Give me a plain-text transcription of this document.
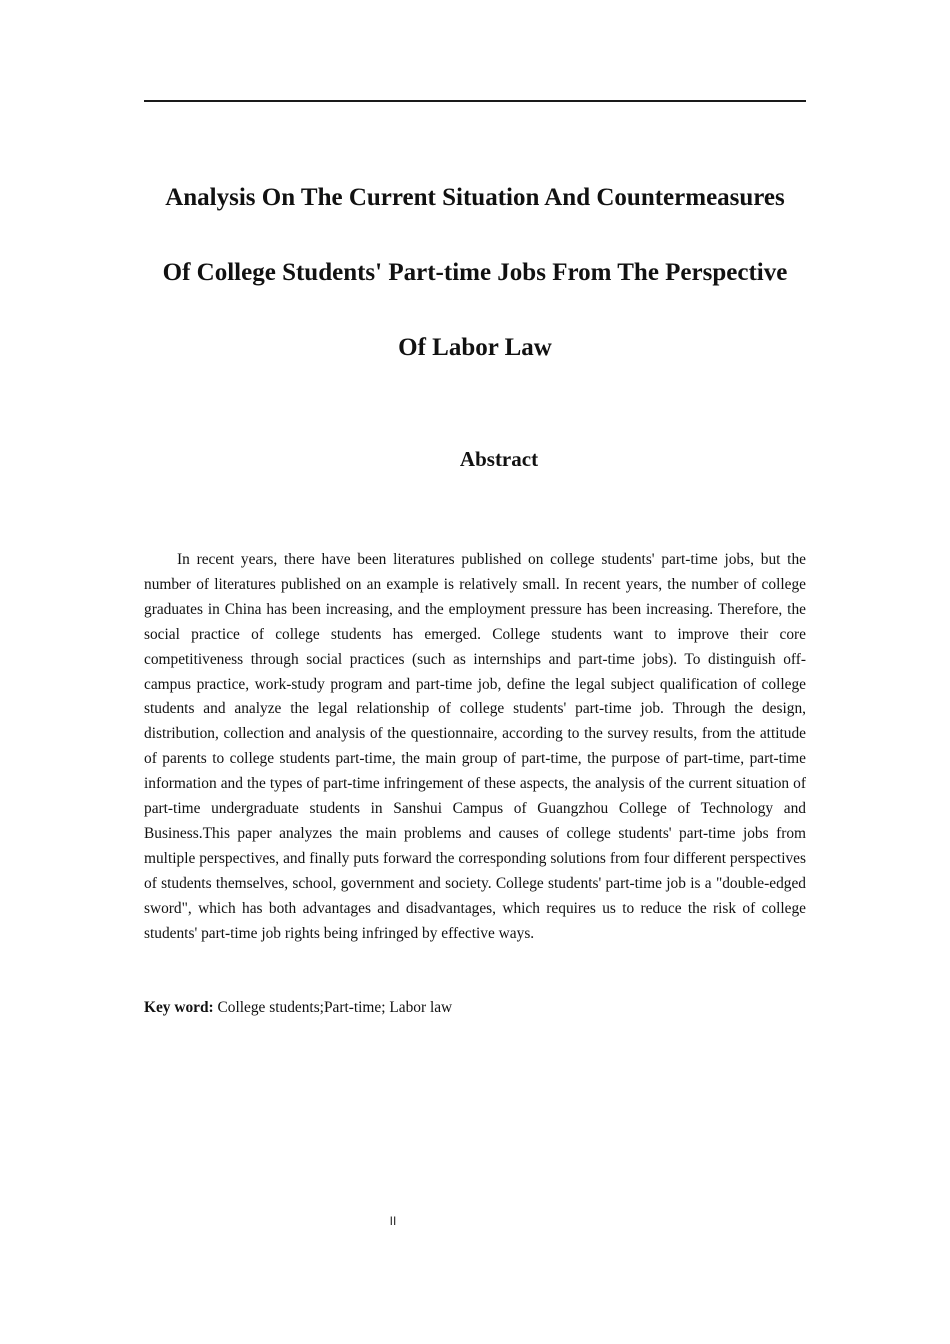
Analysis On The Current Situation And Countermeasures
Of College Students' Part-time Jobs From The Perspective
Of Labor Law
Abstract

In recent years, there have been literatures published on college students' part-time jobs, but the number of literatures published on an example is relatively small. In recent years, the number of college graduates in China has been increasing, and the employment pressure has been increasing. Therefore, the social practice of college students has emerged. College students want to improve their core competitiveness through social practices (such as internships and part-time jobs). To distinguish off-campus practice, work-study program and part-time job, define the legal subject qualification of college students and analyze the legal relationship of college students' part-time job. Through the design, distribution, collection and analysis of the questionnaire, according to the survey results, from the attitude of parents to college students part-time, the main group of part-time, the purpose of part-time, part-time information and the types of part-time infringement of these aspects, the analysis of the current situation of part-time undergraduate students in Sanshui Campus of Guangzhou College of Technology and Business.This paper analyzes the main problems and causes of college students' part-time jobs from multiple perspectives, and finally puts forward the corresponding solutions from four different perspectives of students themselves, school, government and society. College students' part-time job is a "double-edged sword", which has both advantages and disadvantages, which requires us to reduce the risk of college students' part-time job rights being infringed by effective ways.

Key word: College students;Part-time; Labor law

II
